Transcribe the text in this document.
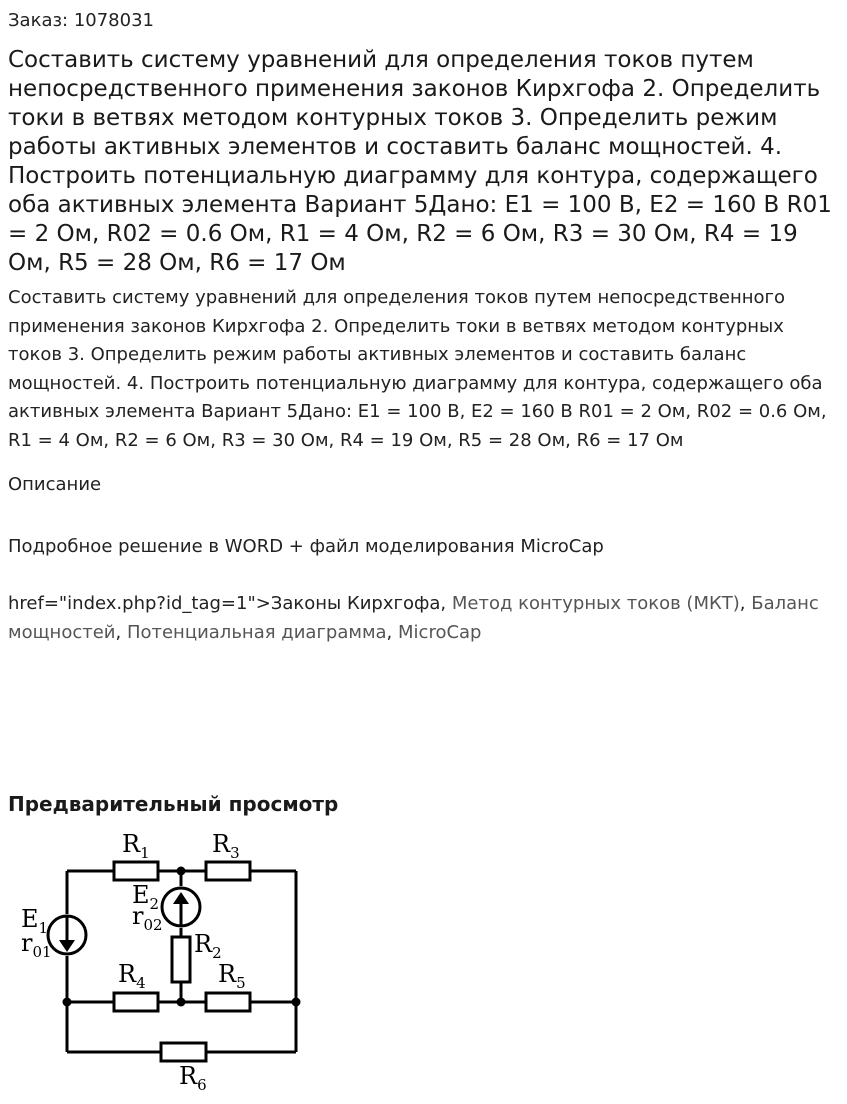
Заказ: 1078031
Составить систему уравнений для определения токов путем непосредственного применения законов Кирхгофа 2. Определить токи в ветвях методом контурных токов 3. Определить режим работы активных элементов и составить баланс мощностей. 4. Построить потенциальную диаграмму для контура, содержащего оба активных элемента Вариант 5Дано: E1 = 100 В, E2 = 160 В R01 = 2 Ом, R02 = 0.6 Ом, R1 = 4 Ом, R2 = 6 Ом, R3 = 30 Ом, R4 = 19 Ом, R5 = 28 Ом, R6 = 17 Ом

Составить систему уравнений для определения токов путем непосредственного применения законов Кирхгофа 2. Определить токи в ветвях методом контурных токов 3. Определить режим работы активных элементов и составить баланс мощностей. 4. Построить потенциальную диаграмму для контура, содержащего оба активных элемента Вариант 5Дано: E1 = 100 В, E2 = 160 В R01 = 2 Ом, R02 = 0.6 Ом, R1 = 4 Ом, R2 = 6 Ом, R3 = 30 Ом, R4 = 19 Ом, R5 = 28 Ом, R6 = 17 Ом

Описание

Подробное решение в WORD + файл моделирования MicroCap

href="index.php?id_tag=1">Законы Кирхгофа, Метод контурных токов (МКТ), Баланс мощностей, Потенциальная диаграмма, MicroCap

Предварительный просмотр
$R_1$	$R_3$
$E_2$
$r_{02}$
$E_1$
$r_{01}$	$R_2$
$R_4$	$R_5$
$R_6$
